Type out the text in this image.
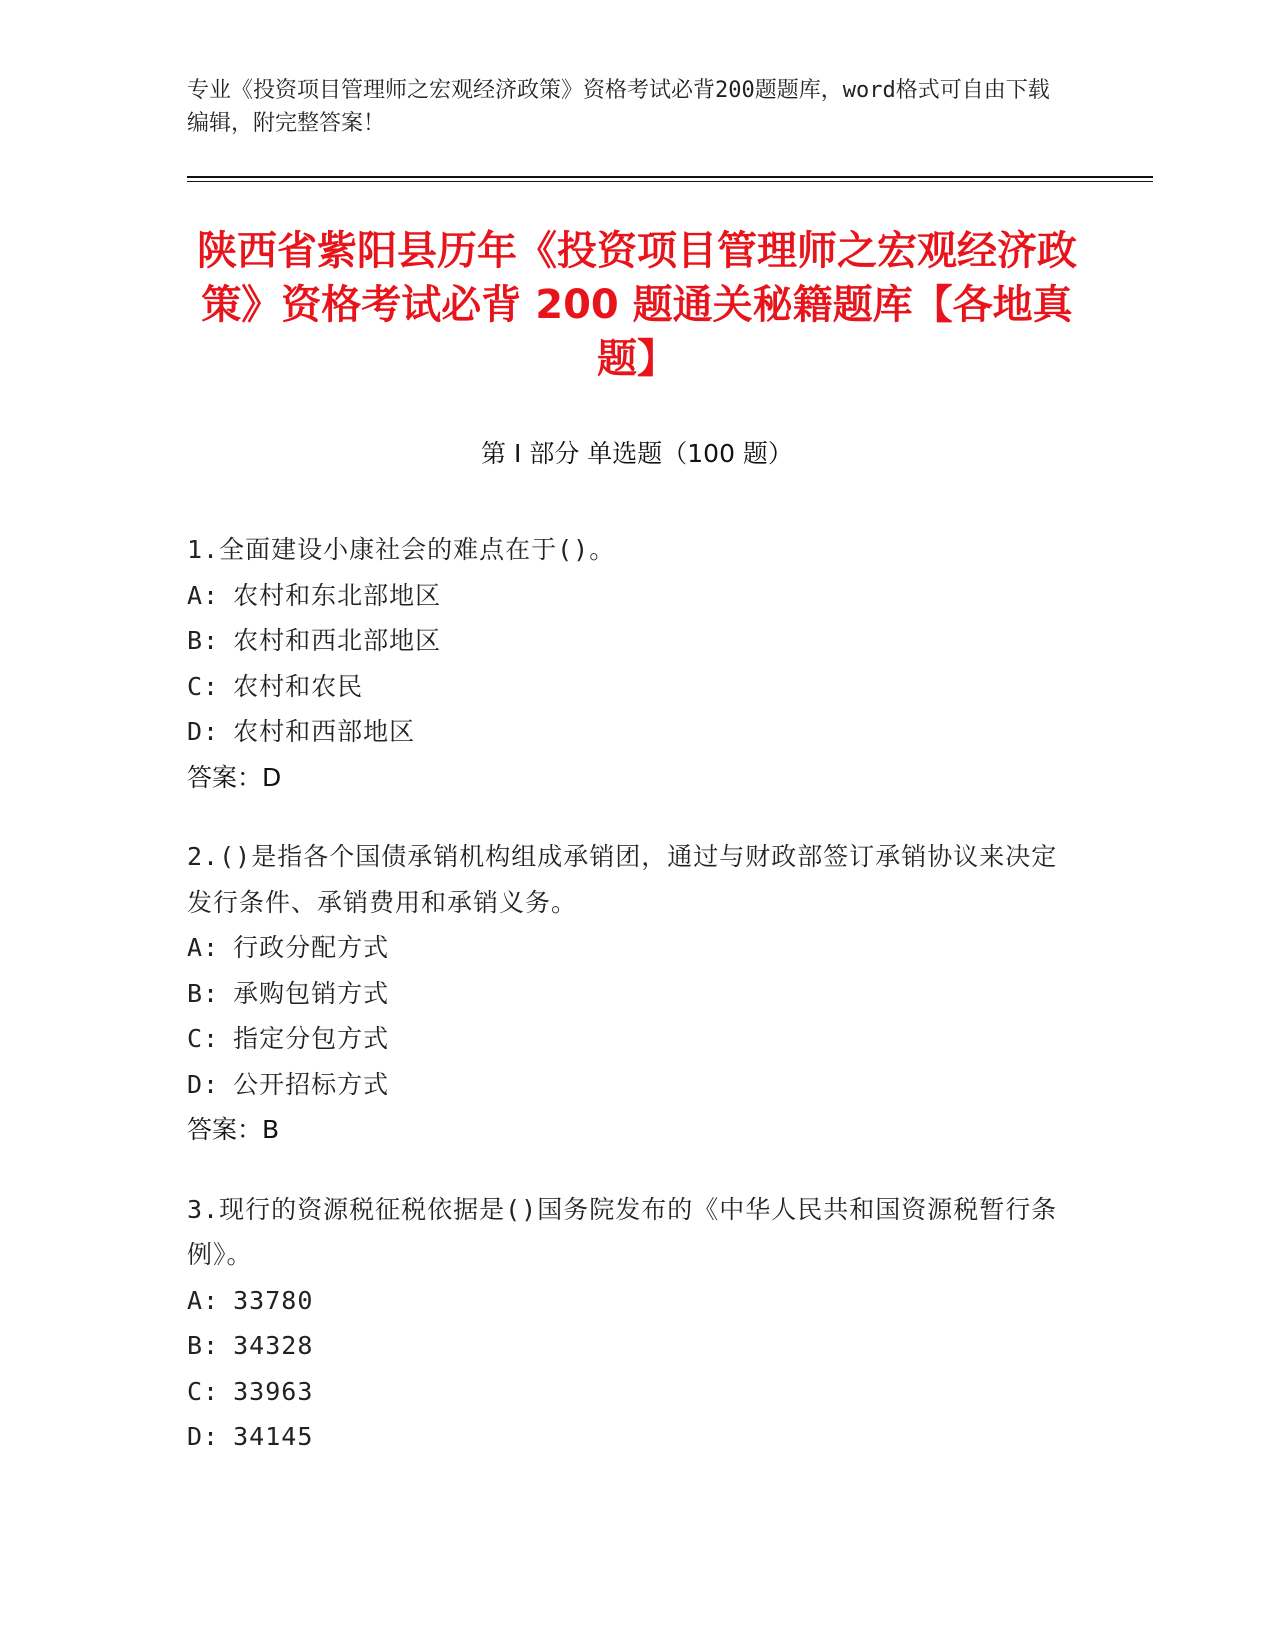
专业《投资项目管理师之宏观经济政策》资格考试必背200题题库，word格式可自由下载编辑，附完整答案！
陕西省紫阳县历年《投资项目管理师之宏观经济政策》资格考试必背 200 题通关秘籍题库【各地真题】
第 I 部分 单选题（100 题）
1.全面建设小康社会的难点在于()。
A: 农村和东北部地区
B: 农村和西北部地区
C: 农村和农民
D: 农村和西部地区
答案：D
2.()是指各个国债承销机构组成承销团，通过与财政部签订承销协议来决定发行条件、承销费用和承销义务。
A: 行政分配方式
B: 承购包销方式
C: 指定分包方式
D: 公开招标方式
答案：B
3.现行的资源税征税依据是()国务院发布的《中华人民共和国资源税暂行条例》。
A: 33780
B: 34328
C: 33963
D: 34145
